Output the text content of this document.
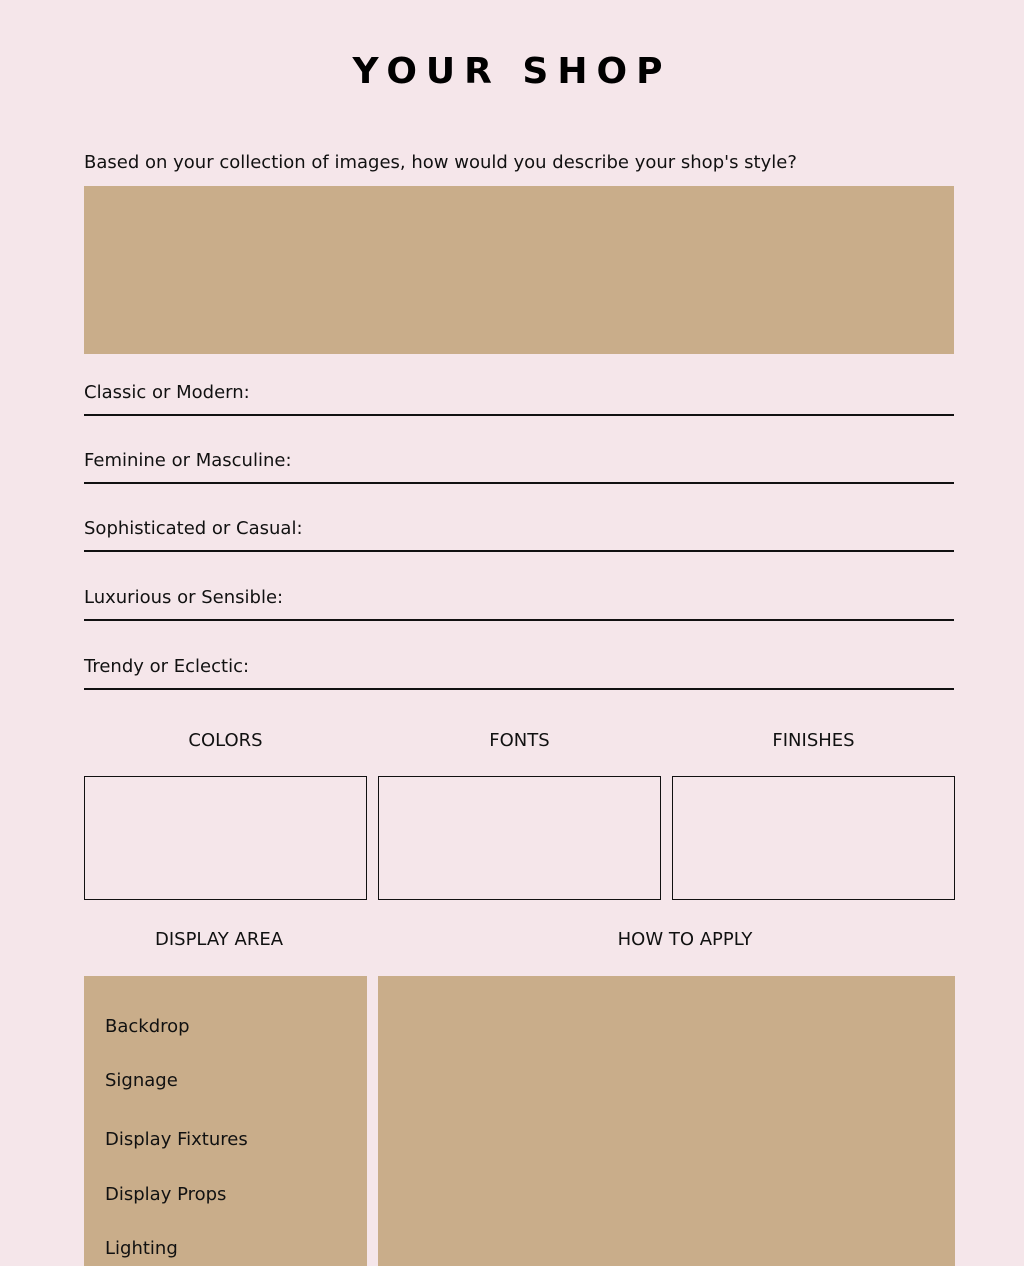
YOUR SHOP
Based on your collection of images, how would you describe your shop's style?
Classic or Modern:
Feminine or Masculine:
Sophisticated or Casual:
Luxurious or Sensible:
Trendy or Eclectic:
COLORS	FONTS	FINISHES
DISPLAY AREA	HOW TO APPLY
Backdrop
Signage
Display Fixtures
Display Props
Lighting
